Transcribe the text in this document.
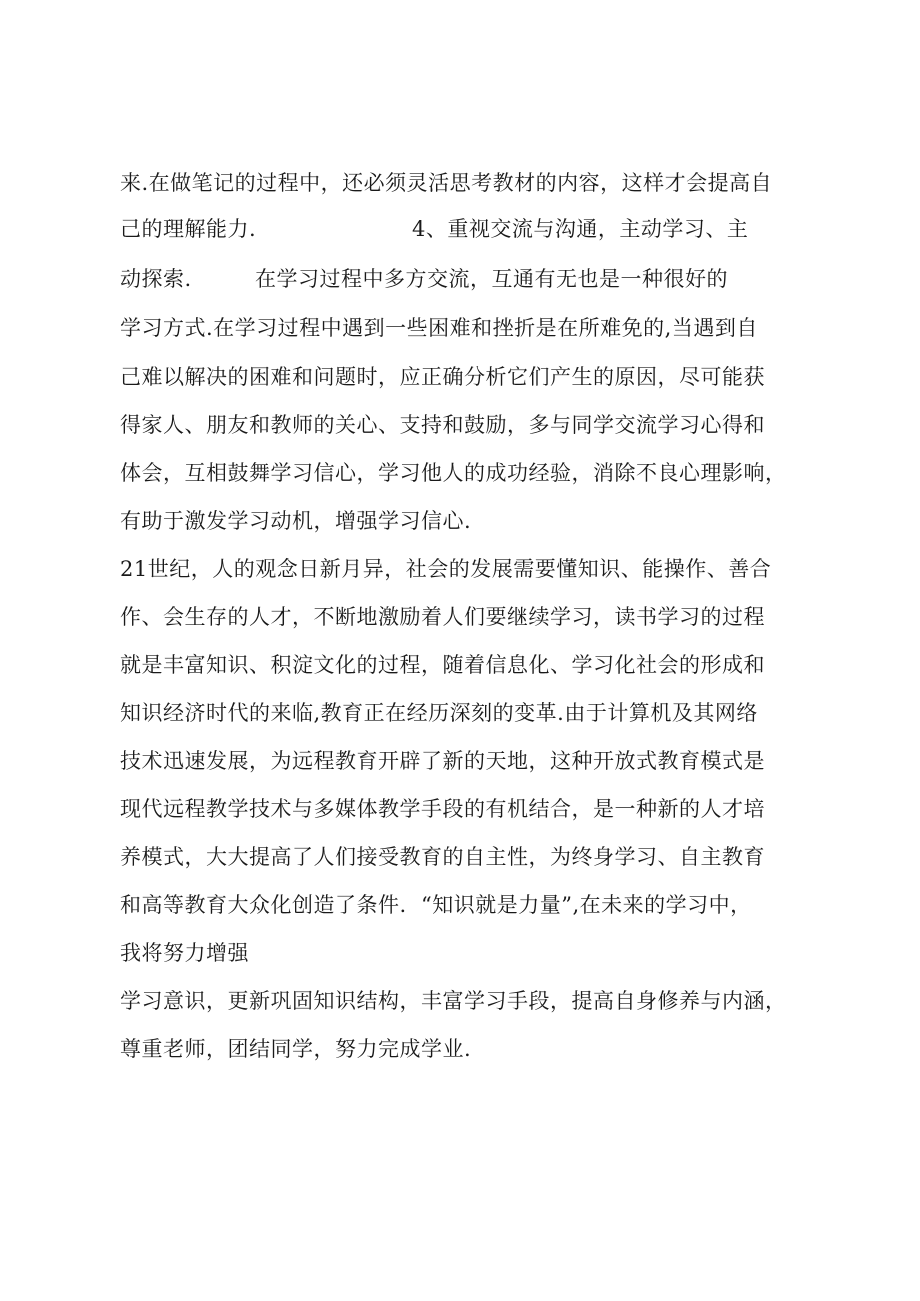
来.在做笔记的过程中，还必须灵活思考教材的内容，这样才会提高自

己的理解能力.

	4、重视交流与沟通，主动学习、主

动探索.

	在学习过程中多方交流，互通有无也是一种很好的

学习方式.在学习过程中遇到一些困难和挫折是在所难免的,当遇到自
己难以解决的困难和问题时，应正确分析它们产生的原因，尽可能获
得家人、朋友和教师的关心、支持和鼓励，多与同学交流学习心得和
体会，互相鼓舞学习信心，学习他人的成功经验，消除不良心理影响，
有助于激发学习动机，增强学习信心.
21世纪，人的观念日新月异，社会的发展需要懂知识、能操作、善合
作、会生存的人才，不断地激励着人们要继续学习，读书学习的过程
就是丰富知识、积淀文化的过程，随着信息化、学习化社会的形成和
知识经济时代的来临,教育正在经历深刻的变革.由于计算机及其网络
技术迅速发展，为远程教育开辟了新的天地，这种开放式教育模式是
现代远程教学技术与多媒体教学手段的有机结合，是一种新的人才培
养模式，大大提高了人们接受教育的自主性，为终身学习、自主教育
和高等教育大众化创造了条件.  “知识就是力量”,在未来的学习中，
我将努力增强
学习意识，更新巩固知识结构，丰富学习手段，提高自身修养与内涵，
尊重老师，团结同学，努力完成学业.
